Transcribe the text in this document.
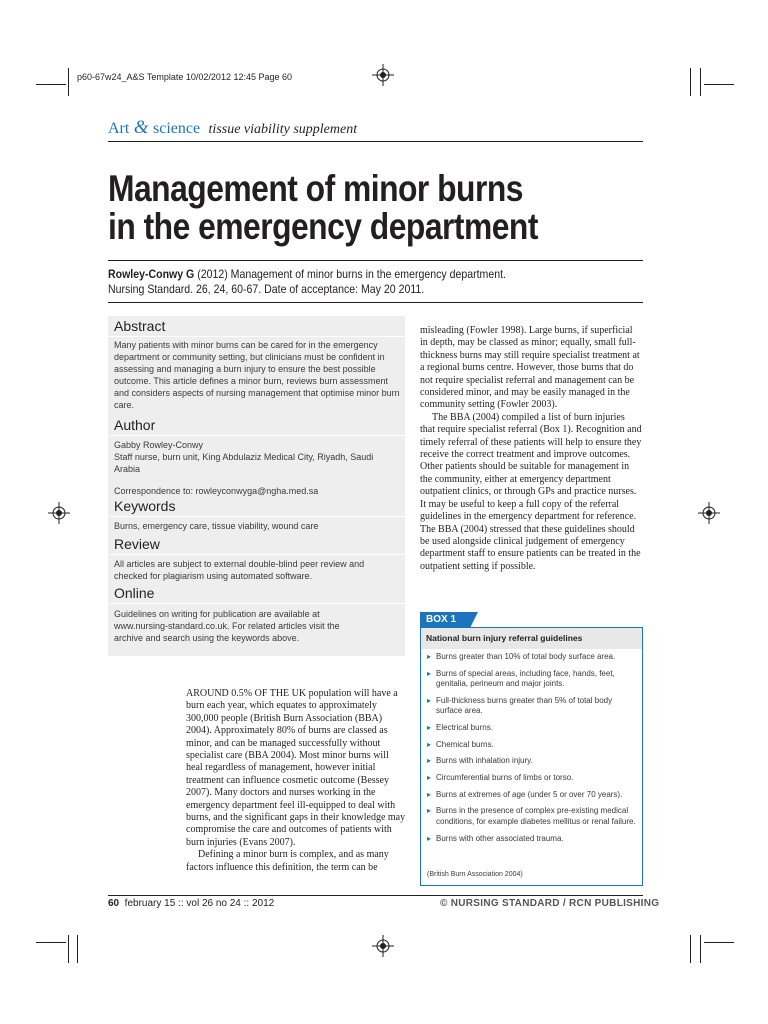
p60-67w24_A&S Template 10/02/2012 12:45 Page 60
Art & science tissue viability supplement
Management of minor burns
in the emergency department
Rowley-Conwy G (2012) Management of minor burns in the emergency department.
Nursing Standard. 26, 24, 60-67. Date of acceptance: May 20 2011.
Abstract
Many patients with minor burns can be cared for in the emergency department or community setting, but clinicians must be confident in assessing and managing a burn injury to ensure the best possible outcome. This article defines a minor burn, reviews burn assessment and considers aspects of nursing management that optimise minor burn care.
Author
Gabby Rowley-Conwy
Staff nurse, burn unit, King Abdulaziz Medical City, Riyadh, Saudi Arabia
Correspondence to: rowleyconwyga@ngha.med.sa
Keywords
Burns, emergency care, tissue viability, wound care
Review
All articles are subject to external double-blind peer review and checked for plagiarism using automated software.
Online
Guidelines on writing for publication are available at www.nursing-standard.co.uk. For related articles visit the archive and search using the keywords above.
misleading (Fowler 1998). Large burns, if superficial in depth, may be classed as minor; equally, small full-thickness burns may still require specialist treatment at a regional burns centre. However, those burns that do not require specialist referral and management can be considered minor, and may be easily managed in the community setting (Fowler 2003).
The BBA (2004) compiled a list of burn injuries that require specialist referral (Box 1). Recognition and timely referral of these patients will help to ensure they receive the correct treatment and improve outcomes. Other patients should be suitable for management in the community, either at emergency department outpatient clinics, or through GPs and practice nurses. It may be useful to keep a full copy of the referral guidelines in the emergency department for reference. The BBA (2004) stressed that these guidelines should be used alongside clinical judgement of emergency department staff to ensure patients can be treated in the outpatient setting if possible.
AROUND 0.5% OF THE UK population will have a burn each year, which equates to approximately 300,000 people (British Burn Association (BBA) 2004). Approximately 80% of burns are classed as minor, and can be managed successfully without specialist care (BBA 2004). Most minor burns will heal regardless of management, however initial treatment can influence cosmetic outcome (Bessey 2007). Many doctors and nurses working in the emergency department feel ill-equipped to deal with burns, and the significant gaps in their knowledge may compromise the care and outcomes of patients with burn injuries (Evans 2007).
Defining a minor burn is complex, and as many factors influence this definition, the term can be
BOX 1
National burn injury referral guidelines
▸ Burns greater than 10% of total body surface area.
▸ Burns of special areas, including face, hands, feet, genitalia, perineum and major joints.
▸ Full-thickness burns greater than 5% of total body surface area.
▸ Electrical burns.
▸ Chemical burns.
▸ Burns with inhalation injury.
▸ Circumferential burns of limbs or torso.
▸ Burns at extremes of age (under 5 or over 70 years).
▸ Burns in the presence of complex pre-existing medical conditions, for example diabetes mellitus or renal failure.
▸ Burns with other associated trauma.
(British Burn Association 2004)
60  february 15 :: vol 26 no 24 :: 2012	© NURSING STANDARD / RCN PUBLISHING
